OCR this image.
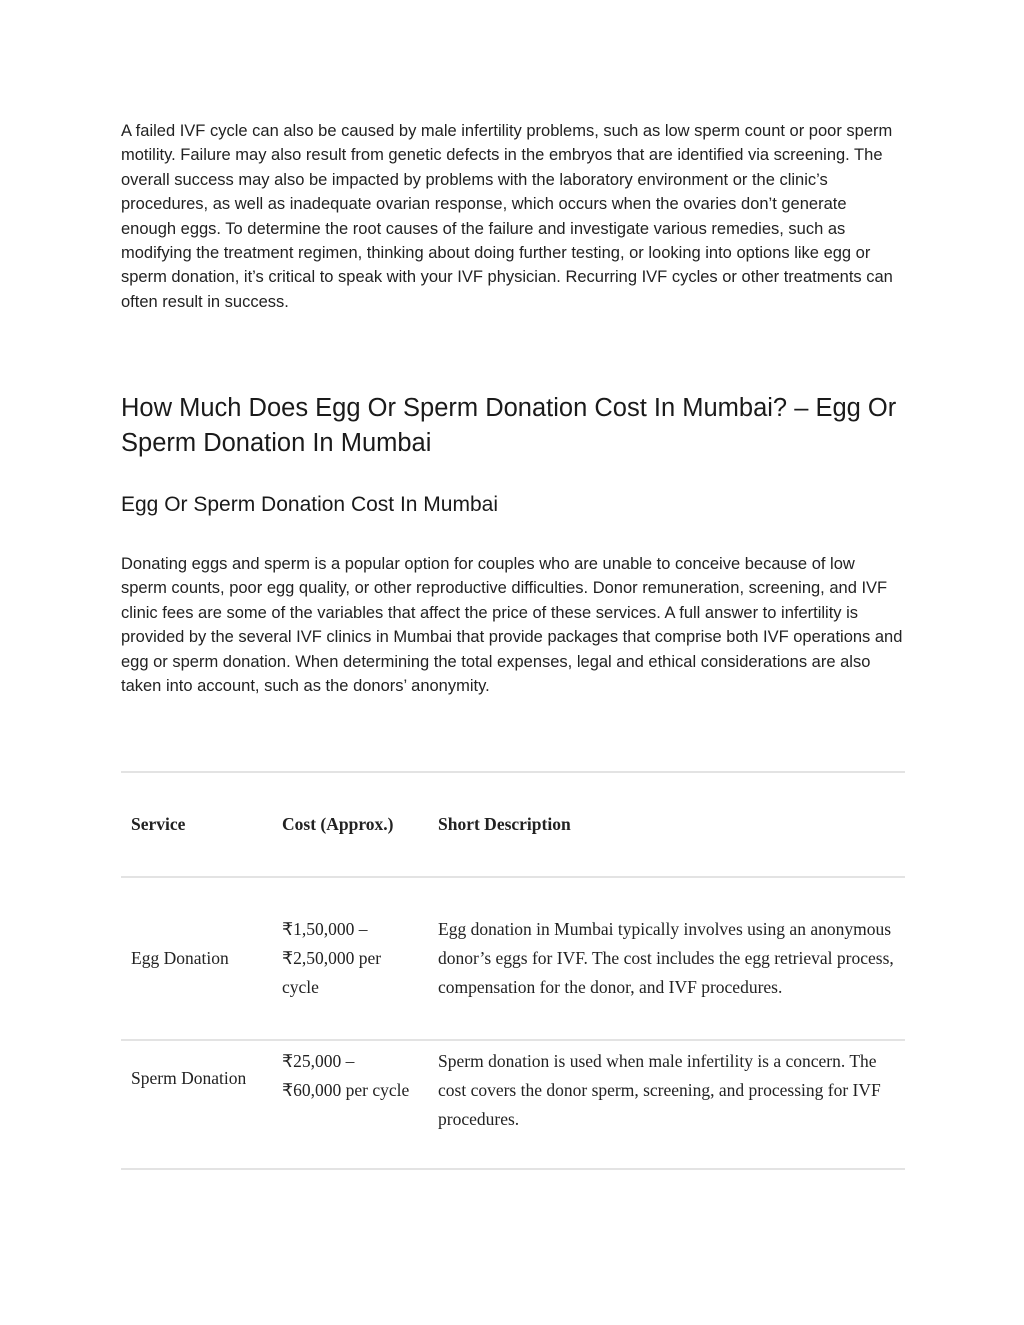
A failed IVF cycle can also be caused by male infertility problems, such as low sperm count or poor sperm motility. Failure may also result from genetic defects in the embryos that are identified via screening. The overall success may also be impacted by problems with the laboratory environment or the clinic’s procedures, as well as inadequate ovarian response, which occurs when the ovaries don’t generate enough eggs. To determine the root causes of the failure and investigate various remedies, such as modifying the treatment regimen, thinking about doing further testing, or looking into options like egg or sperm donation, it’s critical to speak with your IVF physician. Recurring IVF cycles or other treatments can often result in success.

How Much Does Egg Or Sperm Donation Cost In Mumbai? – Egg Or Sperm Donation In Mumbai
Egg Or Sperm Donation Cost In Mumbai

Donating eggs and sperm is a popular option for couples who are unable to conceive because of low sperm counts, poor egg quality, or other reproductive difficulties. Donor remuneration, screening, and IVF clinic fees are some of the variables that affect the price of these services. A full answer to infertility is provided by the several IVF clinics in Mumbai that provide packages that comprise both IVF operations and egg or sperm donation. When determining the total expenses, legal and ethical considerations are also taken into account, such as the donors’ anonymity.

Service	Cost (Approx.)	Short Description
Egg Donation
₹1,50,000 – ₹2,50,000 per cycle
Egg donation in Mumbai typically involves using an anonymous donor’s eggs for IVF. The cost includes the egg retrieval process, compensation for the donor, and IVF procedures.
Sperm Donation
₹25,000 – ₹60,000 per cycle
Sperm donation is used when male infertility is a concern. The cost covers the donor sperm, screening, and processing for IVF procedures.
